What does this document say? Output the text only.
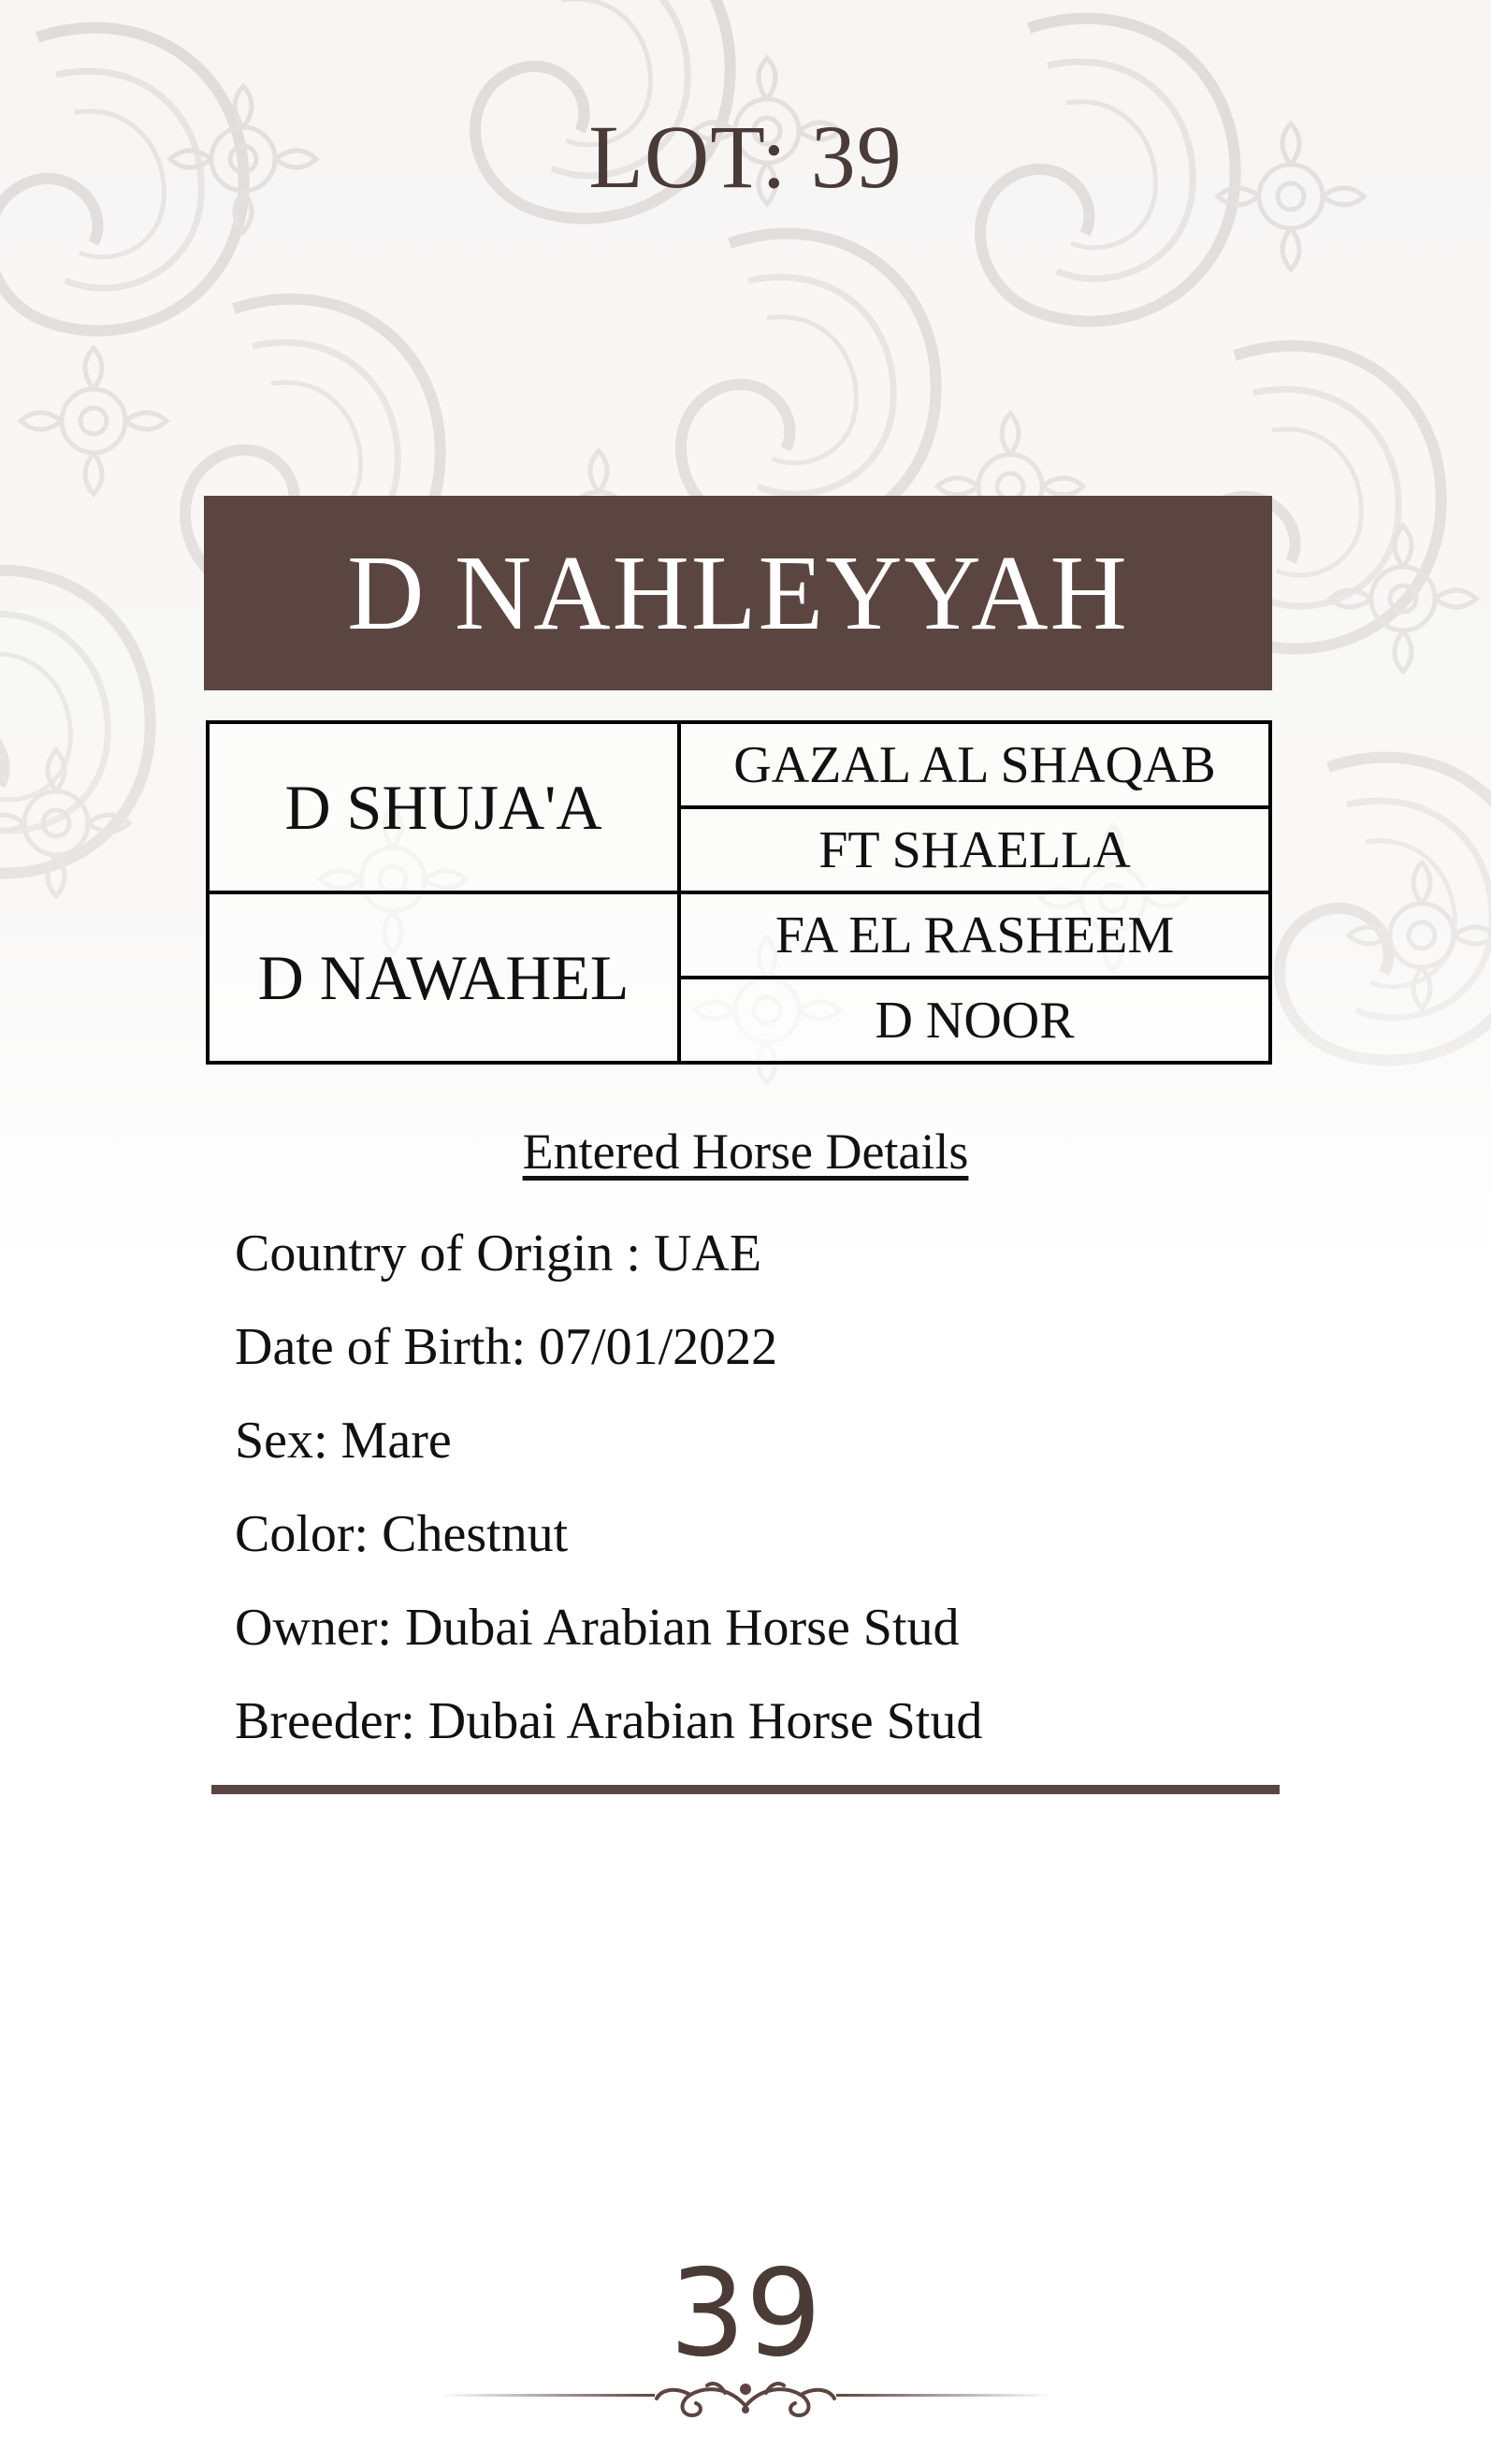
LOT: 39
D NAHLEYYAH
D SHUJA'A	GAZAL AL SHAQAB
	FT SHAELLA
D NAWAHEL	FA EL RASHEEM
	D NOOR
Entered Horse Details
Country of Origin : UAE
Date of Birth: 07/01/2022
Sex: Mare
Color: Chestnut
Owner: Dubai Arabian Horse Stud
Breeder: Dubai Arabian Horse Stud
39
